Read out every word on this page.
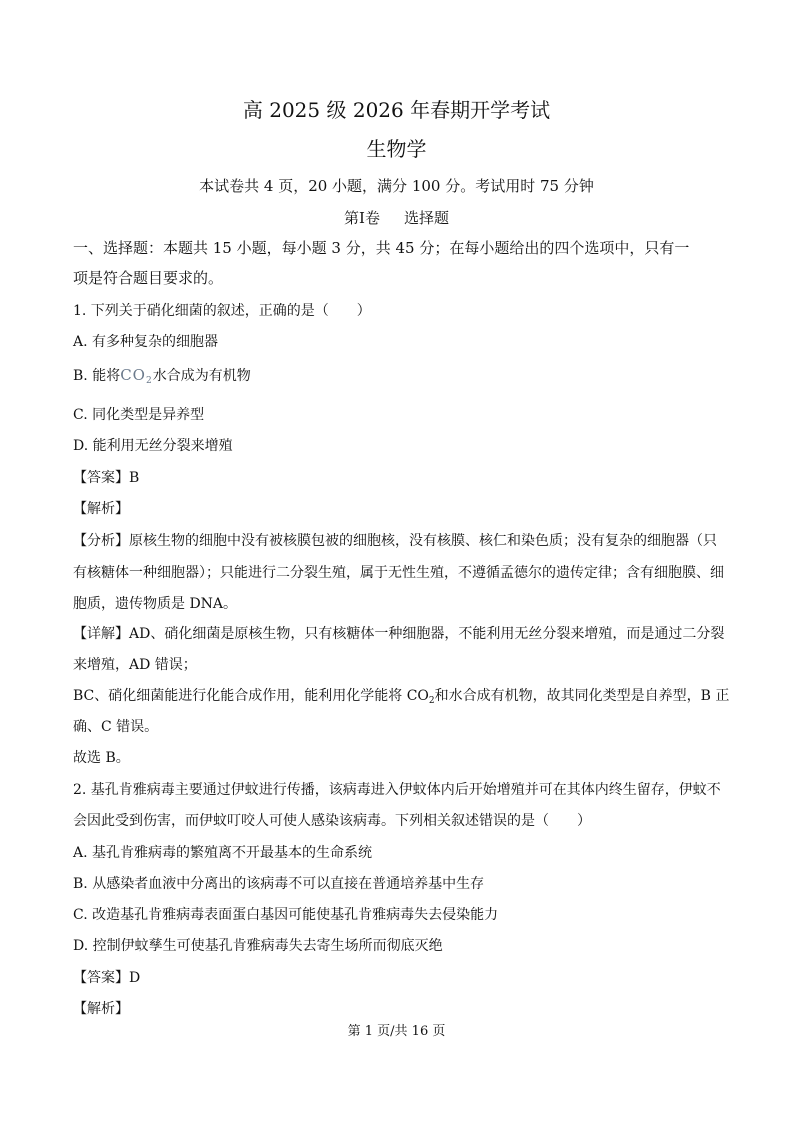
高 2025 级 2026 年春期开学考试
生物学
本试卷共 4 页，20 小题，满分 100 分。考试用时 75 分钟
第Ⅰ卷 选择题
一、选择题：本题共 15 小题，每小题 3 分，共 45 分；在每小题给出的四个选项中，只有一
项是符合题目要求的。
1. 下列关于硝化细菌的叙述，正确的是（　　）
A. 有多种复杂的细胞器
B. 能将$CO_2$水合成为有机物
C. 同化类型是异养型
D. 能利用无丝分裂来增殖
【答案】B
【解析】
【分析】原核生物的细胞中没有被核膜包被的细胞核，没有核膜、核仁和染色质；没有复杂的细胞器（只
有核糖体一种细胞器）；只能进行二分裂生殖，属于无性生殖，不遵循孟德尔的遗传定律；含有细胞膜、细
胞质，遗传物质是 DNA。
【详解】AD、硝化细菌是原核生物，只有核糖体一种细胞器，不能利用无丝分裂来增殖，而是通过二分裂
来增殖，AD 错误；
BC、硝化细菌能进行化能合成作用，能利用化学能将 $CO_2$和水合成有机物，故其同化类型是自养型，B 正
确、C 错误。
故选 B。
2. 基孔肯雅病毒主要通过伊蚊进行传播，该病毒进入伊蚊体内后开始增殖并可在其体内终生留存，伊蚊不
会因此受到伤害，而伊蚊叮咬人可使人感染该病毒。下列相关叙述错误的是（　　）
A. 基孔肯雅病毒的繁殖离不开最基本的生命系统
B. 从感染者血液中分离出的该病毒不可以直接在普通培养基中生存
C. 改造基孔肯雅病毒表面蛋白基因可能使基孔肯雅病毒失去侵染能力
D. 控制伊蚊孳生可使基孔肯雅病毒失去寄生场所而彻底灭绝
【答案】D
【解析】
第 1 页/共 16 页
